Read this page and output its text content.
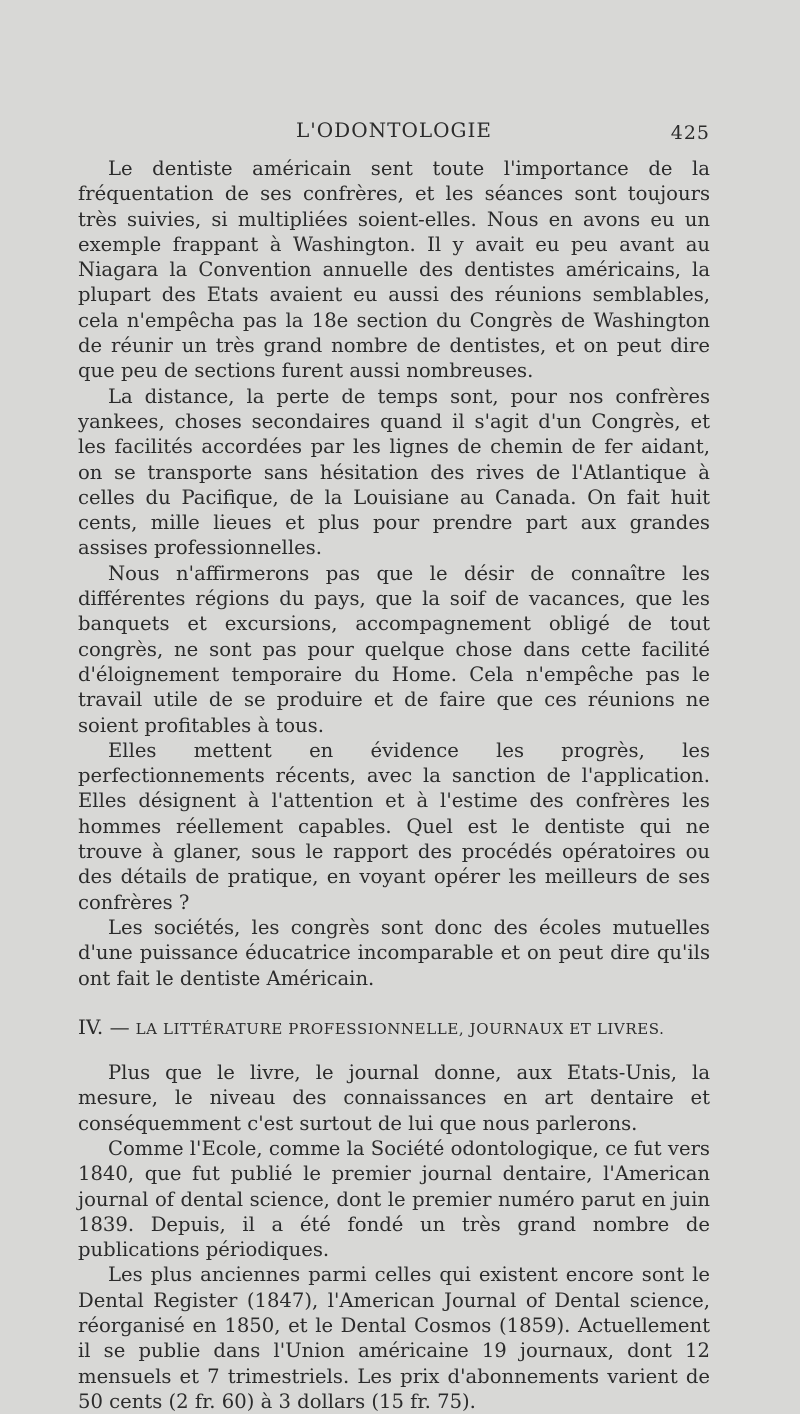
L'ODONTOLOGIE	425

Le dentiste américain sent toute l'importance de la fréquentation de ses confrères, et les séances sont toujours très suivies, si multipliées soient-elles. Nous en avons eu un exemple frappant à Washington. Il y avait eu peu avant au Niagara la Convention annuelle des dentistes américains, la plupart des Etats avaient eu aussi des réunions semblables, cela n'empêcha pas la 18e section du Congrès de Washington de réunir un très grand nombre de dentistes, et on peut dire que peu de sections furent aussi nombreuses.

La distance, la perte de temps sont, pour nos confrères yankees, choses secondaires quand il s'agit d'un Congrès, et les facilités accordées par les lignes de chemin de fer aidant, on se transporte sans hésitation des rives de l'Atlantique à celles du Pacifique, de la Louisiane au Canada. On fait huit cents, mille lieues et plus pour prendre part aux grandes assises professionnelles.

Nous n'affirmerons pas que le désir de connaître les différentes régions du pays, que la soif de vacances, que les banquets et excursions, accompagnement obligé de tout congrès, ne sont pas pour quelque chose dans cette facilité d'éloignement temporaire du Home. Cela n'empêche pas le travail utile de se produire et de faire que ces réunions ne soient profitables à tous.

Elles mettent en évidence les progrès, les perfectionnements récents, avec la sanction de l'application. Elles désignent à l'attention et à l'estime des confrères les hommes réellement capables. Quel est le dentiste qui ne trouve à glaner, sous le rapport des procédés opératoires ou des détails de pratique, en voyant opérer les meilleurs de ses confrères ?

Les sociétés, les congrès sont donc des écoles mutuelles d'une puissance éducatrice incomparable et on peut dire qu'ils ont fait le dentiste Américain.

IV. — LA LITTÉRATURE PROFESSIONNELLE, JOURNAUX ET LIVRES.

Plus que le livre, le journal donne, aux Etats-Unis, la mesure, le niveau des connaissances en art dentaire et conséquemment c'est surtout de lui que nous parlerons.

Comme l'Ecole, comme la Société odontologique, ce fut vers 1840, que fut publié le premier journal dentaire, l'American journal of dental science, dont le premier numéro parut en juin 1839. Depuis, il a été fondé un très grand nombre de publications périodiques.

Les plus anciennes parmi celles qui existent encore sont le Dental Register (1847), l'American Journal of Dental science, réorganisé en 1850, et le Dental Cosmos (1859). Actuellement il se publie dans l'Union américaine 19 journaux, dont 12 mensuels et 7 trimestriels. Les prix d'abonnements varient de 50 cents (2 fr. 60) à 3 dollars (15 fr. 75).
